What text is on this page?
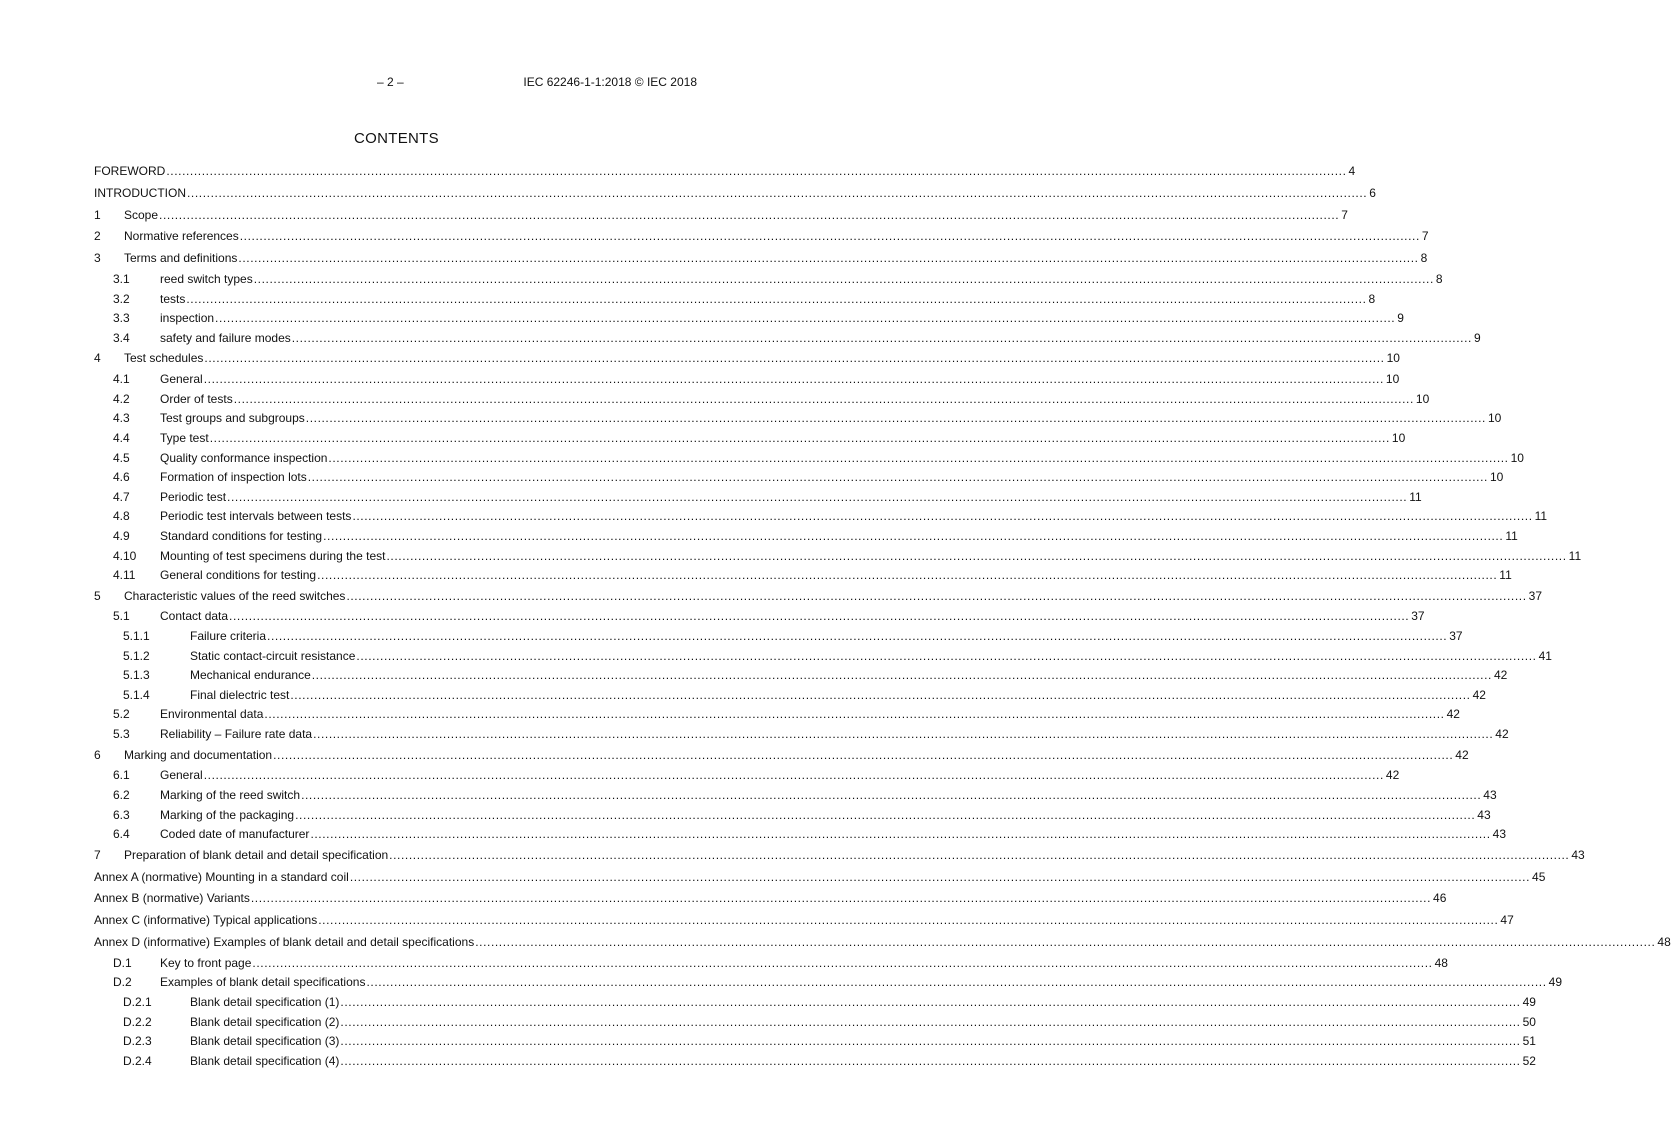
– 2 –	IEC 62246-1-1:2018 © IEC 2018
CONTENTS
FOREWORD ............................................................................................................................................................................................................................................................................................................ 4
INTRODUCTION ............................................................................................................................................................................................................................................................................................................ 6
1 Scope ............................................................................................................................................................................................................................................................................................................ 7
2 Normative references ............................................................................................................................................................................................................................................................................................................ 7
3 Terms and definitions ............................................................................................................................................................................................................................................................................................................ 8
3.1	reed switch types ............................................................................................................................................................................................................................................................................................................ 8
3.2	tests ............................................................................................................................................................................................................................................................................................................ 8
3.3	inspection ............................................................................................................................................................................................................................................................................................................ 9
3.4	safety and failure modes ............................................................................................................................................................................................................................................................................................................ 9
4 Test schedules ............................................................................................................................................................................................................................................................................................................ 10
4.1	General ............................................................................................................................................................................................................................................................................................................ 10
4.2	Order of tests ............................................................................................................................................................................................................................................................................................................ 10
4.3	Test groups and subgroups ............................................................................................................................................................................................................................................................................................................ 10
4.4	Type test ............................................................................................................................................................................................................................................................................................................ 10
4.5	Quality conformance inspection ............................................................................................................................................................................................................................................................................................................ 10
4.6	Formation of inspection lots ............................................................................................................................................................................................................................................................................................................ 10
4.7	Periodic test ............................................................................................................................................................................................................................................................................................................ 11
4.8	Periodic test intervals between tests ............................................................................................................................................................................................................................................................................................................ 11
4.9	Standard conditions for testing ............................................................................................................................................................................................................................................................................................................ 11
4.10 Mounting of test specimens during the test ............................................................................................................................................................................................................................................................................................................ 11
4.11 General conditions for testing ............................................................................................................................................................................................................................................................................................................ 11
5 Characteristic values of the reed switches ............................................................................................................................................................................................................................................................................................................ 37
5.1	Contact data ............................................................................................................................................................................................................................................................................................................ 37
5.1.1	Failure criteria ............................................................................................................................................................................................................................................................................................................ 37
5.1.2	Static contact-circuit resistance ............................................................................................................................................................................................................................................................................................................ 41
5.1.3	Mechanical endurance ............................................................................................................................................................................................................................................................................................................ 42
5.1.4	Final dielectric test ............................................................................................................................................................................................................................................................................................................ 42
5.2	Environmental data ............................................................................................................................................................................................................................................................................................................ 42
5.3	Reliability – Failure rate data ............................................................................................................................................................................................................................................................................................................ 42
6 Marking and documentation ............................................................................................................................................................................................................................................................................................................ 42
6.1	General ............................................................................................................................................................................................................................................................................................................ 42
6.2	Marking of the reed switch ............................................................................................................................................................................................................................................................................................................ 43
6.3	Marking of the packaging ............................................................................................................................................................................................................................................................................................................ 43
6.4	Coded date of manufacturer ............................................................................................................................................................................................................................................................................................................ 43
7 Preparation of blank detail and detail specification ............................................................................................................................................................................................................................................................................................................ 43
Annex A (normative) Mounting in a standard coil ............................................................................................................................................................................................................................................................................................................ 45
Annex B (normative) Variants ............................................................................................................................................................................................................................................................................................................ 46
Annex C (informative) Typical applications ............................................................................................................................................................................................................................................................................................................ 47
Annex D (informative) Examples of blank detail and detail specifications ............................................................................................................................................................................................................................................................................................................ 48
D.1 Key to front page ............................................................................................................................................................................................................................................................................................................ 48
D.2 Examples of blank detail specifications ............................................................................................................................................................................................................................................................................................................ 49
D.2.1	Blank detail specification (1) ............................................................................................................................................................................................................................................................................................................ 49
D.2.2	Blank detail specification (2) ............................................................................................................................................................................................................................................................................................................ 50
D.2.3	Blank detail specification (3) ............................................................................................................................................................................................................................................................................................................ 51
D.2.4	Blank detail specification (4) ............................................................................................................................................................................................................................................................................................................ 52
